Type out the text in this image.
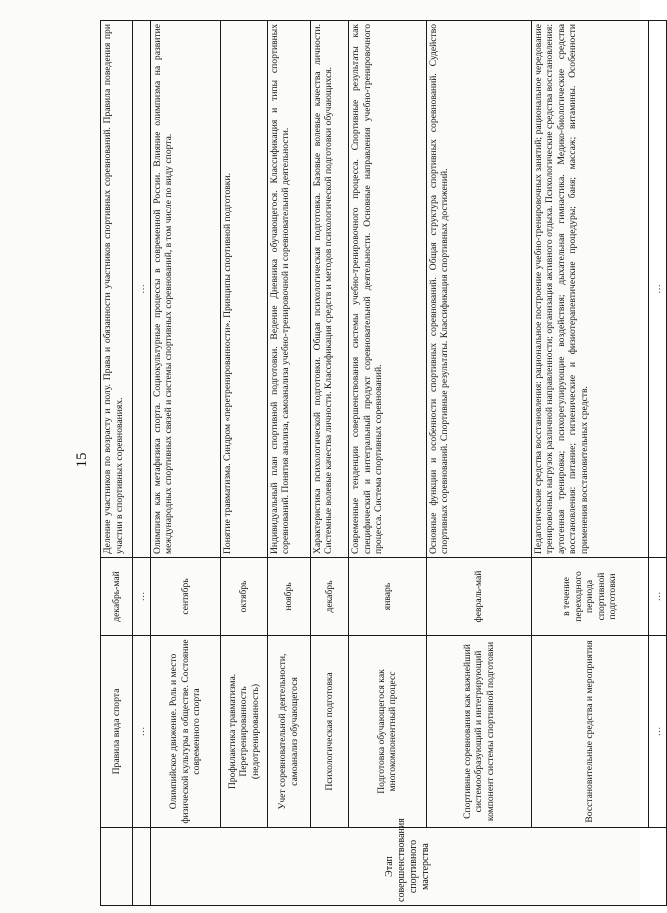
15
	Правила вида спорта	декабрь-май	Деление участников по возрасту и полу. Права и обязанности участников спортивных соревнований. Правила поведения при участии в спортивных соревнованиях.
	…	…	…
Этап совершенствования спортивного мастерства	Олимпийское движение. Роль и место физической культуры в обществе. Состояние современного спорта	сентябрь	Олимпизм как метафизика спорта. Социокультурные процессы в современной России. Влияние олимпизма на развитие международных спортивных связей и системы спортивных соревнований, в том числе по виду спорта.
	Профилактика травматизма. Перетренированность (недотренированность)	октябрь	Понятие травматизма. Синдром «перетренированности». Принципы спортивной подготовки.
	Учет соревновательной деятельности, самоанализ обучающегося	ноябрь	Индивидуальный план спортивной подготовки. Ведение Дневника обучающегося. Классификация и типы спортивных соревнований. Понятия анализа, самоанализа учебно-тренировочной и соревновательной деятельности.
	Психологическая подготовка	декабрь	Характеристика психологической подготовки. Общая психологическая подготовка. Базовые волевые качества личности. Системные волевые качества личности. Классификация средств и методов психологической подготовки обучающихся.
	Подготовка обучающегося как многокомпонентный процесс	январь	Современные тенденции совершенствования системы учебно-тренировочного процесса. Спортивные результаты как специфический и интегральный продукт соревновательной деятельности. Основные направления учебно-тренировочного процесса. Система спортивных соревнований.
	Спортивные соревнования как важнейший системообразующий и интегрирующий компонент системы спортивной подготовки	февраль-май	Основные функции и особенности спортивных соревнований. Общая структура спортивных соревнований. Судейство спортивных соревнований. Спортивные результаты. Классификация спортивных достижений.
	Восстановительные средства и мероприятия	в течение переходного периода спортивной подготовки	Педагогические средства восстановления: рациональное построение учебно-тренировочных занятий; рациональное чередование тренировочных нагрузок различной направленности; организация активного отдыха. Психологические средства восстановления: аутогенная тренировка; психорегулирующие воздействия; дыхательная гимнастика. Медико-биологические средства восстановления: питание; гигиенические и физиотерапевтические процедуры; баня; массаж; витамины. Особенности применения восстановительных средств.
	…	…	…
